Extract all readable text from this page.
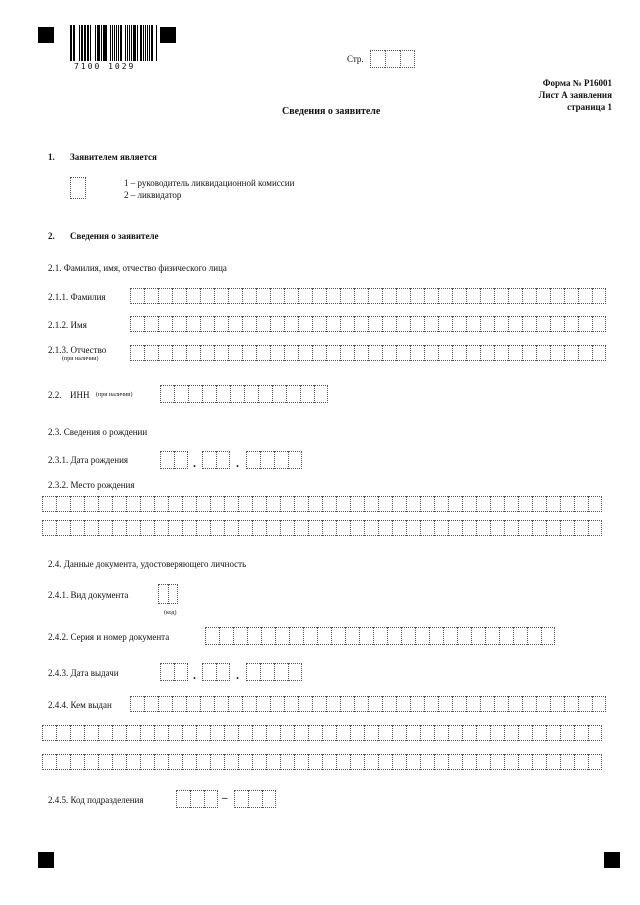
7100 1029
Стр.
Форма № Р16001
Лист А заявления
страница 1
Сведения о заявителе
1. Заявителем является
1 – руководитель ликвидационной комиссии
2 – ликвидатор
2. Сведения о заявителе
2.1. Фамилия, имя, отчество физического лица
2.1.1. Фамилия
2.1.2. Имя
2.1.3. Отчество
(при наличии)
2.2. ИНН (при наличии)
2.3. Сведения о рождении
2.3.1. Дата рождения	.	.
2.3.2. Место рождения
2.4. Данные документа, удостоверяющего личность
2.4.1. Вид документа
(код)
2.4.2. Серия и номер документа
2.4.3. Дата выдачи	.	.
2.4.4. Кем выдан
2.4.5. Код подразделения	–
